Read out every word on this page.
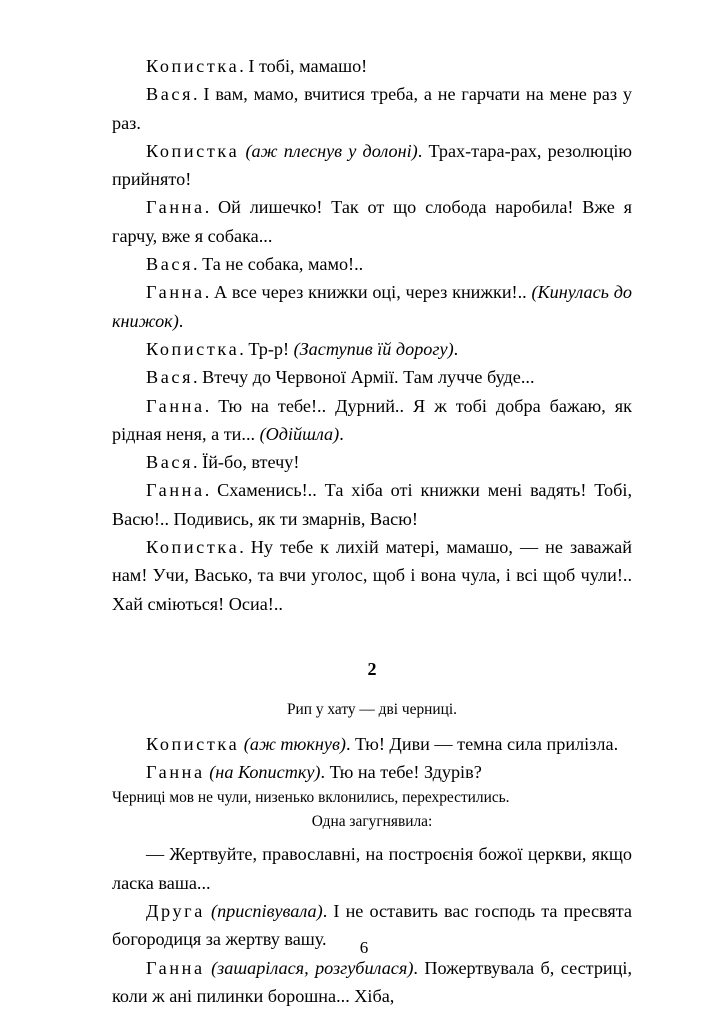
Копистка. І тобі, мамашо!

Вася. І вам, мамо, вчитися треба, а не гарчати на мене раз у раз.

Копистка (аж плеснув у долоні). Трах-тара-рах, резолюцію прийнято!

Ганна. Ой лишечко! Так от що слобода наробила! Вже я гарчу, вже я собака...

Вася. Та не собака, мамо!..

Ганна. А все через книжки оці, через книжки!.. (Кинулась до книжок).

Копистка. Тр-р! (Заступив їй дорогу).

Вася. Втечу до Червоної Армії. Там луччe буде...

Ганна. Тю на тебе!.. Дурний.. Я ж тобі добра бажаю, як рідная неня, а ти... (Одійшла).

Вася. Їй-бо, втечу!

Ганна. Схаменись!.. Та хіба оті книжки мені вадять! Тобі, Васю!.. Подивись, як ти змарнів, Васю!

Копистка. Ну тебе к лихій матері, мамашо, — не заважай нам! Учи, Васько, та вчи уголос, щоб і вона чула, і всі щоб чули!.. Хай сміються! Осиа!..

2

Рип у хату — дві черниці.

Копистка (аж тюкнув). Тю! Диви — темна сила прилізла.

Ганна (на Копистку). Тю на тебе! Здурів?

Черниці мов не чули, низенько вклонились, перехрестились.

Одна загугнявила:

— Жертвуйте, православні, на построєнія божої церкви, якщо ласка ваша...

Друга (приспівувала). І не оставить вас господь та пресвята богородиця за жертву вашу.

Ганна (зашарілася, розгубилася). Пожертвувала б, сестриці, коли ж ані пилинки борошна... Хіба,

6
